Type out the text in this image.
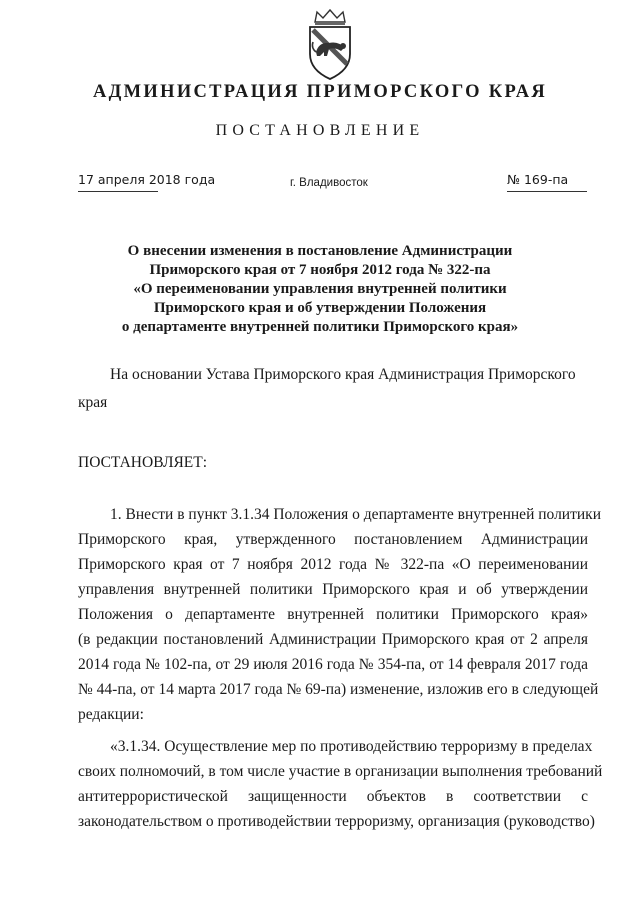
АДМИНИСТРАЦИЯ ПРИМОРСКОГО КРАЯ
ПОСТАНОВЛЕНИЕ
17 апреля 2018 года	г. Владивосток	№ 169-па
О внесении изменения в постановление Администрации
Приморского края от 7 ноября 2012 года № 322-па
«О переименовании управления внутренней политики
Приморского края и об утверждении Положения
о департаменте внутренней политики Приморского края»
На основании Устава Приморского края Администрация Приморского
края
ПОСТАНОВЛЯЕТ:
1. Внести в пункт 3.1.34 Положения о департаменте внутренней политики
Приморского края, утвержденного постановлением Администрации
Приморского края от 7 ноября 2012 года № 322-па «О переименовании
управления внутренней политики Приморского края и об утверждении
Положения о департаменте внутренней политики Приморского края»
(в редакции постановлений Администрации Приморского края от 2 апреля
2014 года № 102-па, от 29 июля 2016 года № 354-па, от 14 февраля 2017 года
№ 44-па, от 14 марта 2017 года № 69-па) изменение, изложив его в следующей
редакции:
«3.1.34. Осуществление мер по противодействию терроризму в пределах
своих полномочий, в том числе участие в организации выполнения требований
антитеррористической защищенности объектов в соответствии с
законодательством о противодействии терроризму, организация (руководство)
